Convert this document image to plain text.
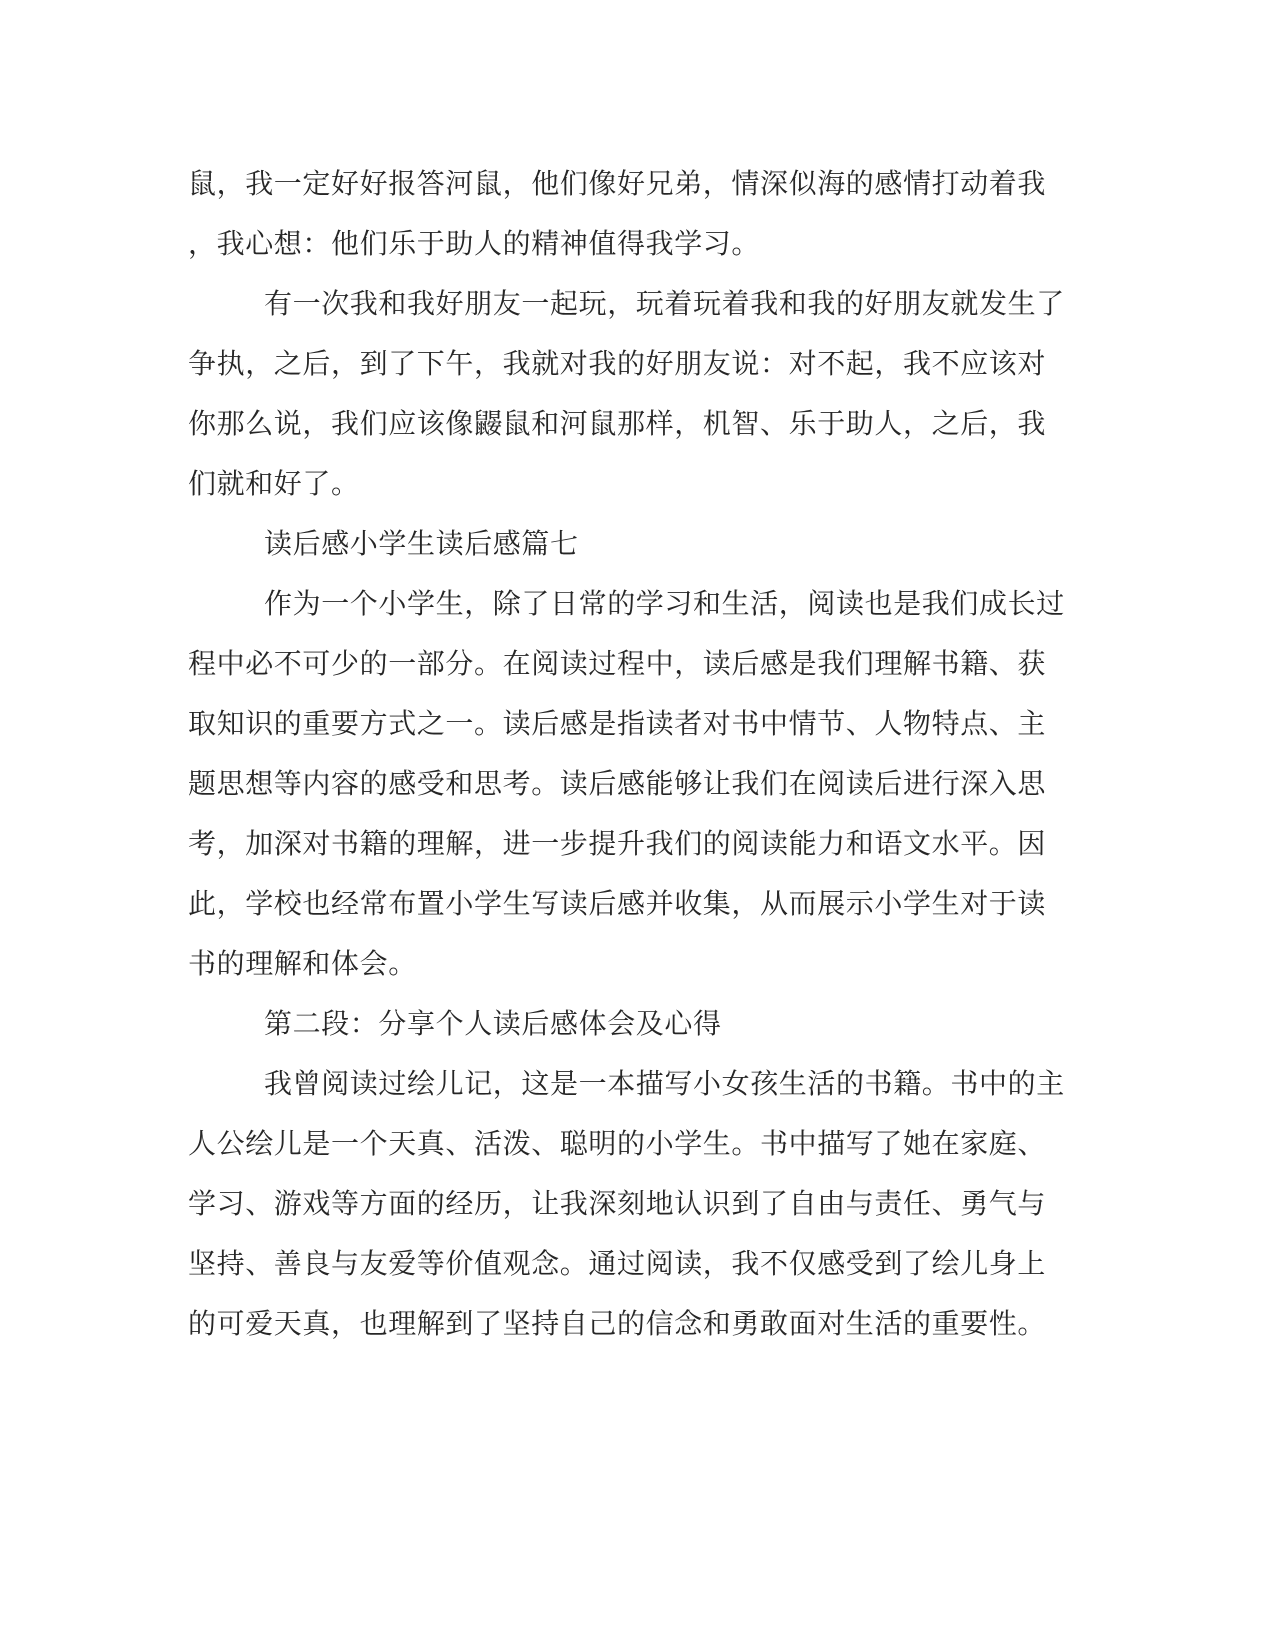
鼠，我一定好好报答河鼠，他们像好兄弟，情深似海的感情打动着我
，我心想：他们乐于助人的精神值得我学习。
有一次我和我好朋友一起玩，玩着玩着我和我的好朋友就发生了
争执，之后，到了下午，我就对我的好朋友说：对不起，我不应该对
你那么说，我们应该像鼹鼠和河鼠那样，机智、乐于助人，之后，我
们就和好了。
读后感小学生读后感篇七
作为一个小学生，除了日常的学习和生活，阅读也是我们成长过
程中必不可少的一部分。在阅读过程中，读后感是我们理解书籍、获
取知识的重要方式之一。读后感是指读者对书中情节、人物特点、主
题思想等内容的感受和思考。读后感能够让我们在阅读后进行深入思
考，加深对书籍的理解，进一步提升我们的阅读能力和语文水平。因
此，学校也经常布置小学生写读后感并收集，从而展示小学生对于读
书的理解和体会。
第二段：分享个人读后感体会及心得
我曾阅读过绘儿记，这是一本描写小女孩生活的书籍。书中的主
人公绘儿是一个天真、活泼、聪明的小学生。书中描写了她在家庭、
学习、游戏等方面的经历，让我深刻地认识到了自由与责任、勇气与
坚持、善良与友爱等价值观念。通过阅读，我不仅感受到了绘儿身上
的可爱天真，也理解到了坚持自己的信念和勇敢面对生活的重要性。
